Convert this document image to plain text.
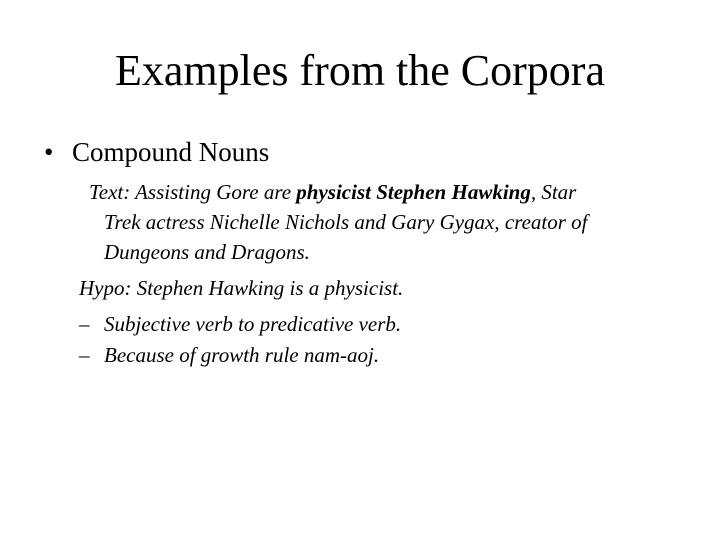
Examples from the Corpora
• Compound Nouns
Text: Assisting Gore are physicist Stephen Hawking, Star
Trek actress Nichelle Nichols and Gary Gygax, creator of
Dungeons and Dragons.
Hypo: Stephen Hawking is a physicist.
– Subjective verb to predicative verb.
– Because of growth rule nam-aoj.
